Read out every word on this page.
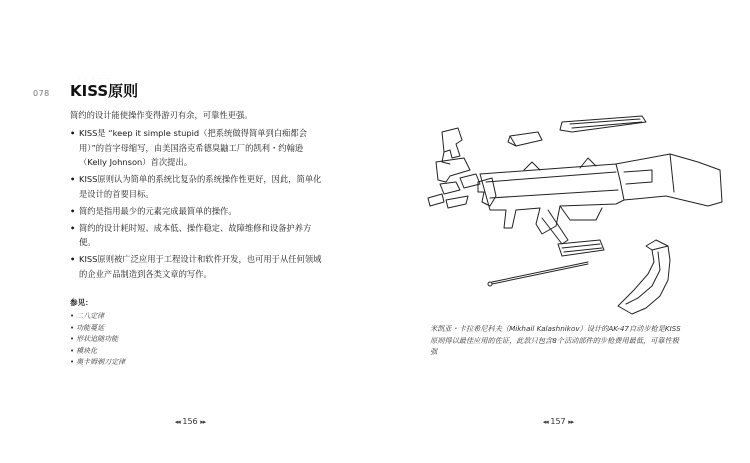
078
· · · · ·
KISS原则
简约的设计能使操作变得游刃有余，可靠性更强。
• KISS是 “keep it simple stupid（把系统做得简单到白痴都会用）”的首字母缩写，由美国洛克希德臭鼬工厂的凯利・约翰逊（Kelly Johnson）首次提出。
• KISS原则认为简单的系统比复杂的系统操作性更好，因此，简单化是设计的首要目标。
• 简约是指用最少的元素完成最简单的操作。
• 简约的设计耗时短、成本低、操作稳定、故障维修和设备护养方便。
• KISS原则被广泛应用于工程设计和软件开发，也可用于从任何领域的企业产品制造到各类文章的写作。
参见：
• 二八定律
• 功能蔓延
• 形状追随功能
• 模块化
• 奥卡姆剃刀定律
◂◂ 156 ▸▸
米凯亚・卡拉希尼科夫（Mikhail Kalashnikov）设计的AK-47自动步枪是KISS原则得以最佳应用的佐证，此款只包含8个活动部件的步枪费用最低，可靠性极强
◂◂ 157 ▸▸
